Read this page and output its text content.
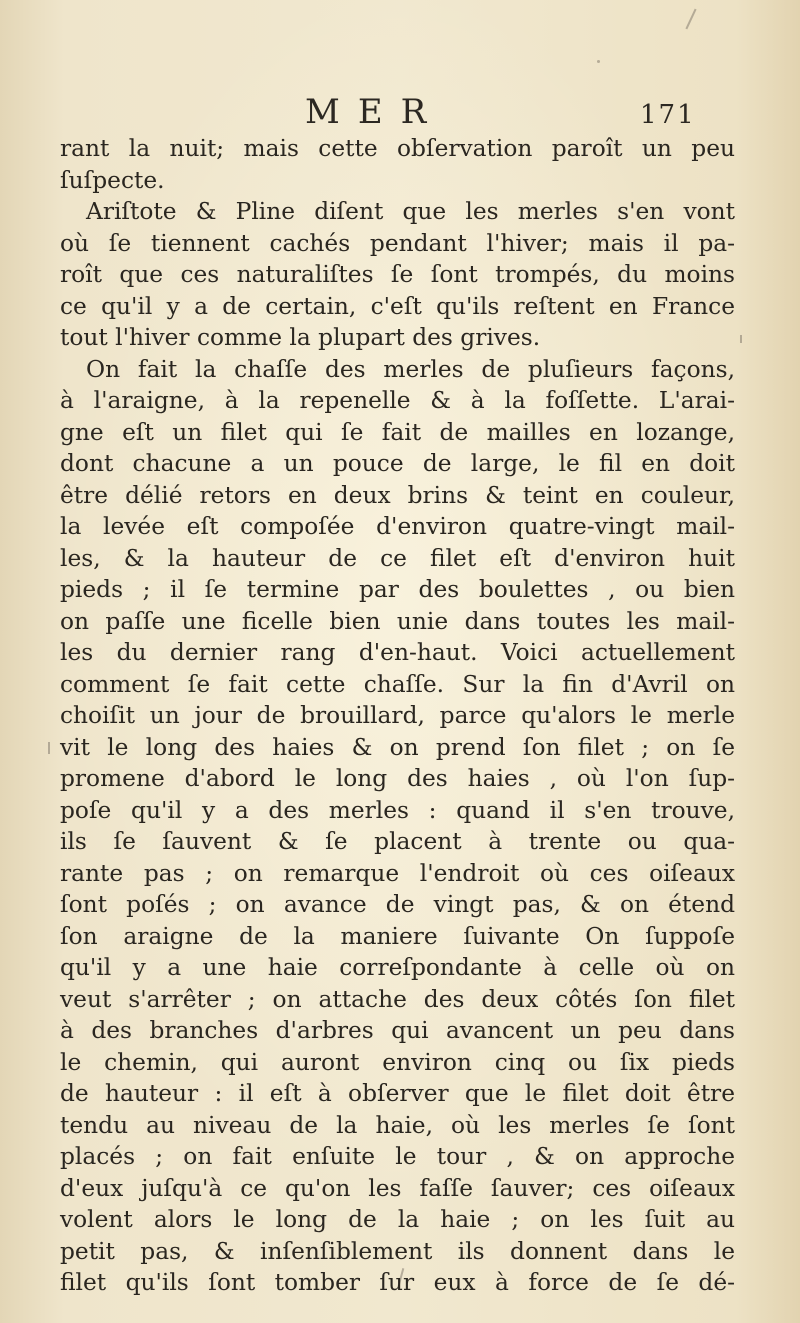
MER	171
rant la nuit; mais cette obſervation paroît un peu
ſuſpecte.
Ariſtote & Pline diſent que les merles s'en vont
où ſe tiennent cachés pendant l'hiver; mais il pa-
roît que ces naturaliſtes ſe ſont trompés, du moins
ce qu'il y a de certain, c'eſt qu'ils reſtent en France
tout l'hiver comme la plupart des grives.
On fait la chaſſe des merles de pluſieurs façons,
à l'araigne, à la repenelle & à la foſſette. L'arai-
gne eſt un filet qui ſe fait de mailles en lozange,
dont chacune a un pouce de large, le fil en doit
être délié retors en deux brins & teint en couleur,
la levée eſt compoſée d'environ quatre-vingt mail-
les, & la hauteur de ce filet eſt d'environ huit
pieds ; il ſe termine par des boulettes , ou bien
on paſſe une ficelle bien unie dans toutes les mail-
les du dernier rang d'en-haut. Voici actuellement
comment ſe fait cette chaſſe. Sur la fin d'Avril on
choiſit un jour de brouillard, parce qu'alors le merle
vit le long des haies & on prend ſon filet ; on ſe
promene d'abord le long des haies , où l'on ſup-
poſe qu'il y a des merles : quand il s'en trouve,
ils ſe ſauvent & ſe placent à trente ou qua-
rante pas ; on remarque l'endroit où ces oiſeaux
ſont poſés ; on avance de vingt pas, & on étend
ſon araigne de la maniere ſuivante On ſuppoſe
qu'il y a une haie correſpondante à celle où on
veut s'arrêter ; on attache des deux côtés ſon filet
à des branches d'arbres qui avancent un peu dans
le chemin, qui auront environ cinq ou ſix pieds
de hauteur : il eſt à obſerver que le filet doit être
tendu au niveau de la haie, où les merles ſe ſont
placés ; on fait enſuite le tour , & on approche
d'eux juſqu'à ce qu'on les faſſe ſauver; ces oiſeaux
volent alors le long de la haie ; on les ſuit au
petit pas, & inſenſiblement ils donnent dans le
filet qu'ils ſont tomber ſur eux à force de ſe dé-
